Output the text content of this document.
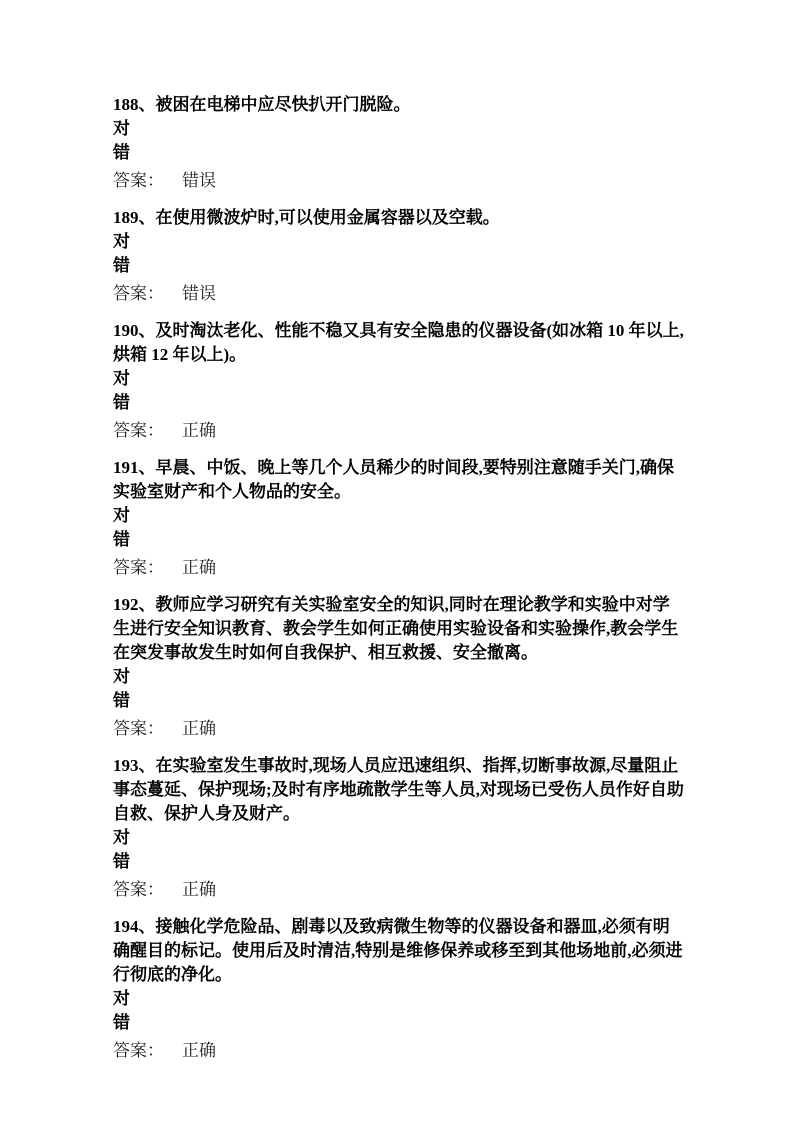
188、被困在电梯中应尽快扒开门脱险。

对

错

答案： 错误

189、在使用微波炉时,可以使用金属容器以及空载。

对

错

答案： 错误

190、及时淘汰老化、性能不稳又具有安全隐患的仪器设备(如冰箱 10 年以上,烘箱 12 年以上)。

对

错

答案： 正确

191、早晨、中饭、晚上等几个人员稀少的时间段,要特别注意随手关门,确保实验室财产和个人物品的安全。

对

错

答案： 正确

192、教师应学习研究有关实验室安全的知识,同时在理论教学和实验中对学生进行安全知识教育、教会学生如何正确使用实验设备和实验操作,教会学生在突发事故发生时如何自我保护、相互救援、安全撤离。

对

错

答案： 正确

193、在实验室发生事故时,现场人员应迅速组织、指挥,切断事故源,尽量阻止事态蔓延、保护现场;及时有序地疏散学生等人员,对现场已受伤人员作好自助自救、保护人身及财产。

对

错

答案： 正确

194、接触化学危险品、剧毒以及致病微生物等的仪器设备和器皿,必须有明确醒目的标记。使用后及时清洁,特别是维修保养或移至到其他场地前,必须进行彻底的净化。

对

错

答案： 正确
